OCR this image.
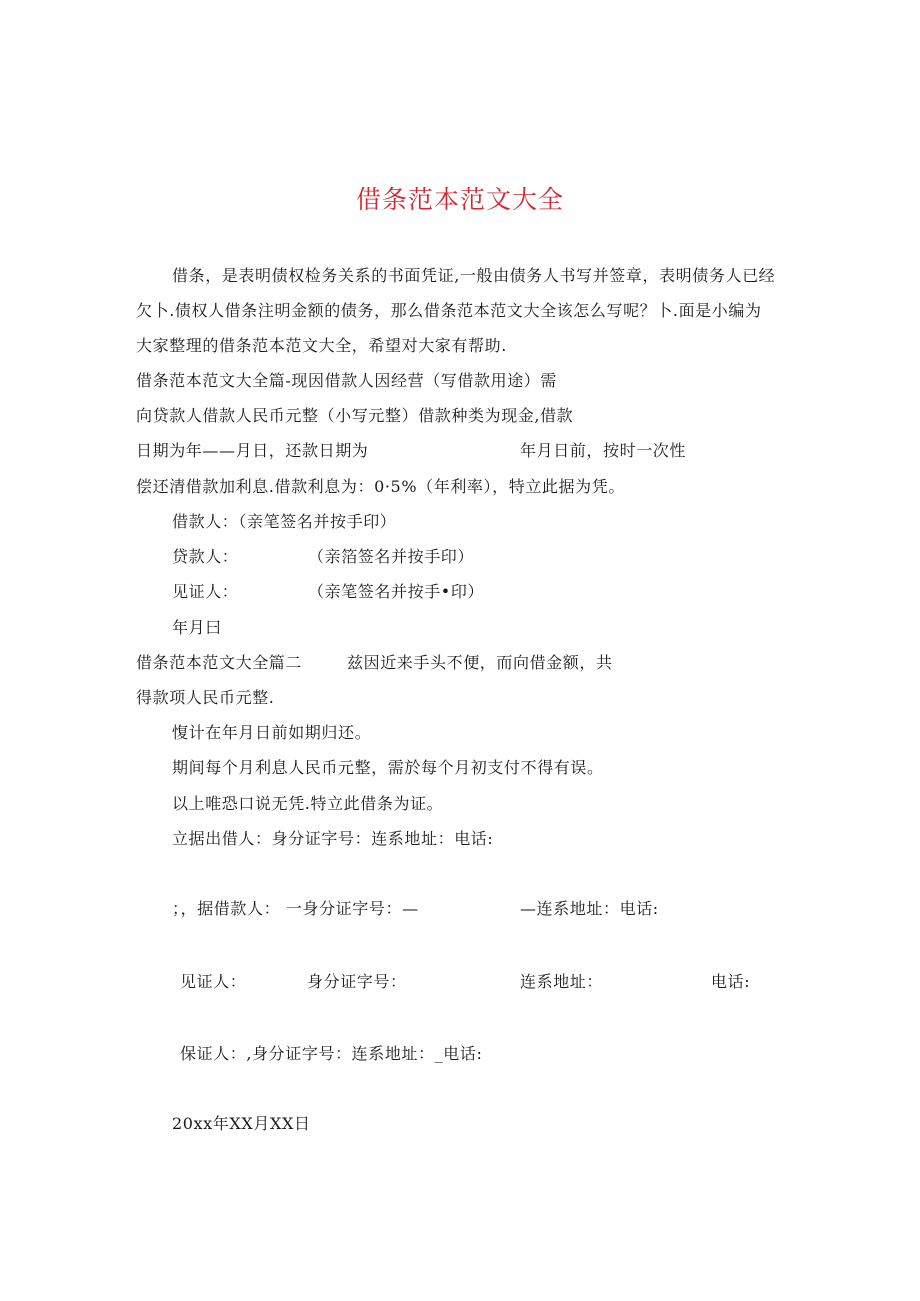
借条范本范文大全
借条，是表明债权检务关系的书面凭证,一般由债务人书写并签章，表明债务人已经
欠卜.债权人借条注明金额的债务，那么借条范本范文大全该怎么写呢？卜.面是小编为
大家整理的借条范本范文大全，希望对大家有帮助.
借条范本范文大全篇-现因借款人因经营（写借款用途）需
向贷款人借款人民币元整（小写元整）借款种类为现金,借款
日期为年——月日，还款日期为	年月日前，按时一次性
偿还清借款加利息.借款利息为：0·5%（年利率），特立此据为凭。
借款人：（亲笔签名并按手印）
贷款人：	（亲箔签名并按手印）
见证人：	（亲笔签名并按手•印）
年月曰
借条范本范文大全篇二	兹因近来手头不便，而向借金额，共
得款项人民币元整.
愎计在年月日前如期归还。
期间每个月利息人民币元整，需於每个月初支付不得有误。
以上唯恐口说无凭.特立此借条为证。
立据出借人：身分证字号：连系地址：电话:
；，据借款人： 一身分证字号：—	—连系地址：电话:
见证人：	身分证字号：	连系地址：	电话:
保证人：,身分证字号：连系地址：_电话:
20xx年XX月XX日
